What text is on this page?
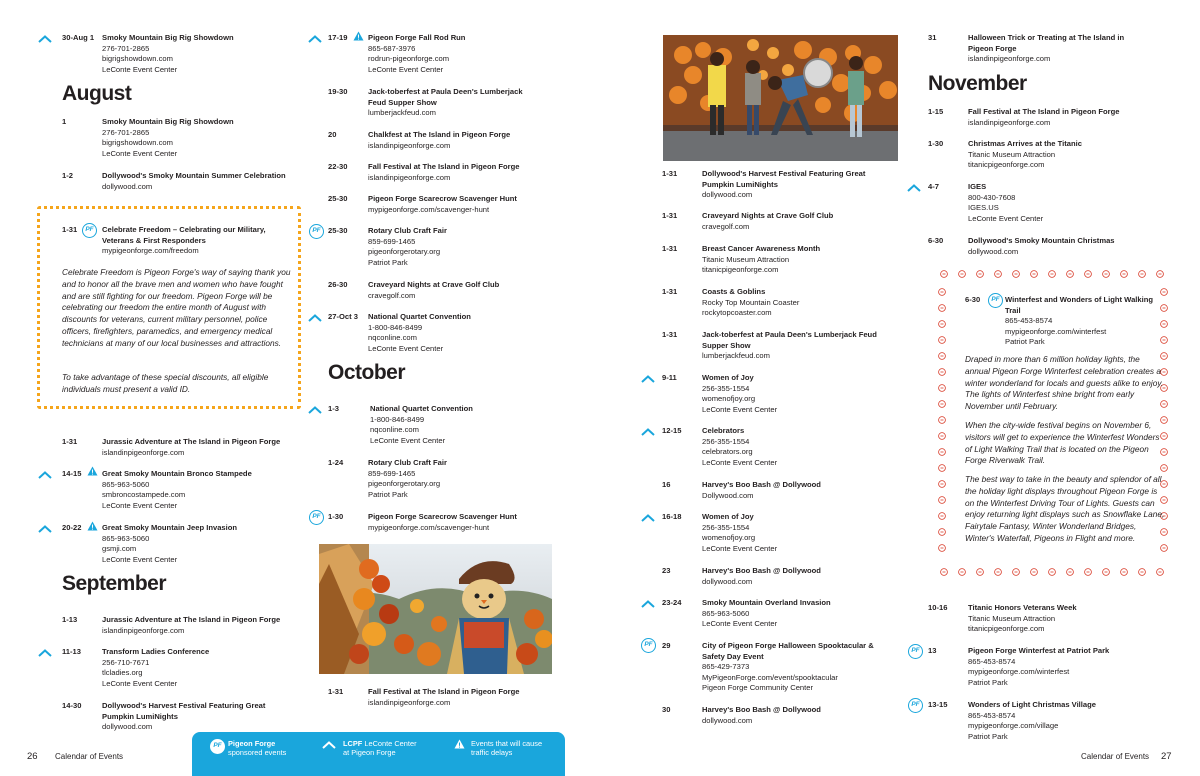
30-Aug 1 Smoky Mountain Big Rig Showdown
276-701-2865
bigrigshowdown.com
LeConte Event Center
August
1	Smoky Mountain Big Rig Showdown
276-701-2865
bigrigshowdown.com
LeConte Event Center
1-2	Dollywood's Smoky Mountain Summer Celebration
dollywood.com
PF
1-31	Celebrate Freedom – Celebrating our Military, Veterans & First Responders
mypigeonforge.com/freedom
Celebrate Freedom is Pigeon Forge's way of saying thank you and to honor all the brave men and women who have fought and are still fighting for our freedom. Pigeon Forge will be celebrating our freedom the entire month of August with discounts for veterans, current military personnel, police officers, firefighters, paramedics, and emergency medical technicians at many of our local businesses and attractions.
To take advantage of these special discounts, all eligible individuals must present a valid ID.
1-31	Jurassic Adventure at The Island in Pigeon Forge
islandinpigeonforge.com
14-15	Great Smoky Mountain Bronco Stampede
865-963-5060
smbroncostampede.com
LeConte Event Center
20-22	Great Smoky Mountain Jeep Invasion
865-963-5060
gsmji.com
LeConte Event Center
September
1-13	Jurassic Adventure at The Island in Pigeon Forge
islandinpigeonforge.com
11-13	Transform Ladies Conference
256-710-7671
tlcladies.org
LeConte Event Center
14-30	Dollywood's Harvest Festival Featuring Great Pumpkin LumiNights
dollywood.com
17-19	Pigeon Forge Fall Rod Run
865-687-3976
rodrun-pigeonforge.com
LeConte Event Center
19-30	Jack-toberfest at Paula Deen's Lumberjack Feud Supper Show
lumberjackfeud.com
20	Chalkfest at The Island in Pigeon Forge
islandinpigeonforge.com
22-30	Fall Festival at The Island in Pigeon Forge
islandinpigeonforge.com
25-30	Pigeon Forge Scarecrow Scavenger Hunt
mypigeonforge.com/scavenger-hunt
PF 25-30	Rotary Club Craft Fair
859-699-1465
pigeonforgerotary.org
Patriot Park
26-30	Craveyard Nights at Crave Golf Club
cravegolf.com
27-Oct 3 National Quartet Convention
1-800-846-8499
nqconline.com
LeConte Event Center
October
1-3	National Quartet Convention
1-800-846-8499
nqconline.com
LeConte Event Center
1-24	Rotary Club Craft Fair
859-699-1465
pigeonforgerotary.org
Patriot Park
PF 1-30	Pigeon Forge Scarecrow Scavenger Hunt
mypigeonforge.com/scavenger-hunt
1-31	Fall Festival at The Island in Pigeon Forge
islandinpigeonforge.com
1-31	Dollywood's Harvest Festival Featuring Great Pumpkin LumiNights
dollywood.com
1-31	Craveyard Nights at Crave Golf Club
cravegolf.com
1-31	Breast Cancer Awareness Month
Titanic Museum Attraction
titanicpigeonforge.com
1-31	Coasts & Goblins
Rocky Top Mountain Coaster
rockytopcoaster.com
1-31	Jack-toberfest at Paula Deen's Lumberjack Feud Supper Show
lumberjackfeud.com
9-11	Women of Joy
256-355-1554
womenofjoy.org
LeConte Event Center
12-15	Celebrators
256-355-1554
celebrators.org
LeConte Event Center
16	Harvey's Boo Bash @ Dollywood
Dollywood.com
16-18	Women of Joy
256-355-1554
womenofjoy.org
LeConte Event Center
23	Harvey's Boo Bash @ Dollywood
dollywood.com
23-24	Smoky Mountain Overland Invasion
865-963-5060
LeConte Event Center
PF	29	City of Pigeon Forge Halloween Spooktacular & Safety Day Event
865-429-7373
MyPigeonForge.com/event/spooktacular
Pigeon Forge Community Center
30	Harvey's Boo Bash @ Dollywood
dollywood.com
31	Halloween Trick or Treating at The Island in Pigeon Forge
islandinpigeonforge.com
November
1-15	Fall Festival at The Island in Pigeon Forge
islandinpigeonforge.com
1-30	Christmas Arrives at the Titanic
Titanic Museum Attraction
titanicpigeonforge.com
4-7	IGES
800-430-7608
IGES.US
LeConte Event Center
6-30	Dollywood's Smoky Mountain Christmas
dollywood.com
PF
6-30	Winterfest and Wonders of Light Walking Trail
865-453-8574
mypigeonforge.com/winterfest
Patriot Park
Draped in more than 6 million holiday lights, the annual Pigeon Forge Winterfest celebration creates a winter wonderland for locals and guests alike to enjoy. The lights of Winterfest shine bright from early November until February.
When the city-wide festival begins on November 6, visitors will get to experience the Winterfest Wonders of Light Walking Trail that is located on the Pigeon Forge Riverwalk Trail.
The best way to take in the beauty and splendor of all the holiday light displays throughout Pigeon Forge is on the Winterfest Driving Tour of Lights. Guests can enjoy returning light displays such as Snowflake Lane, Fairytale Fantasy, Winter Wonderland Bridges, Winter's Waterfall, Pigeons in Flight and more.
10-16	Titanic Honors Veterans Week
Titanic Museum Attraction
titanicpigeonforge.com
PF	13	Pigeon Forge Winterfest at Patriot Park
865-453-8574
mypigeonforge.com/winterfest
Patriot Park
PF	13-15	Wonders of Light Christmas Village
865-453-8574
mypigeonforge.com/village
Patriot Park
26 Calendar of Events
PF Pigeon Forge
sponsored events
LCPF LeConte Center
at Pigeon Forge
Events that will cause
traffic delays	Calendar of Events 27
